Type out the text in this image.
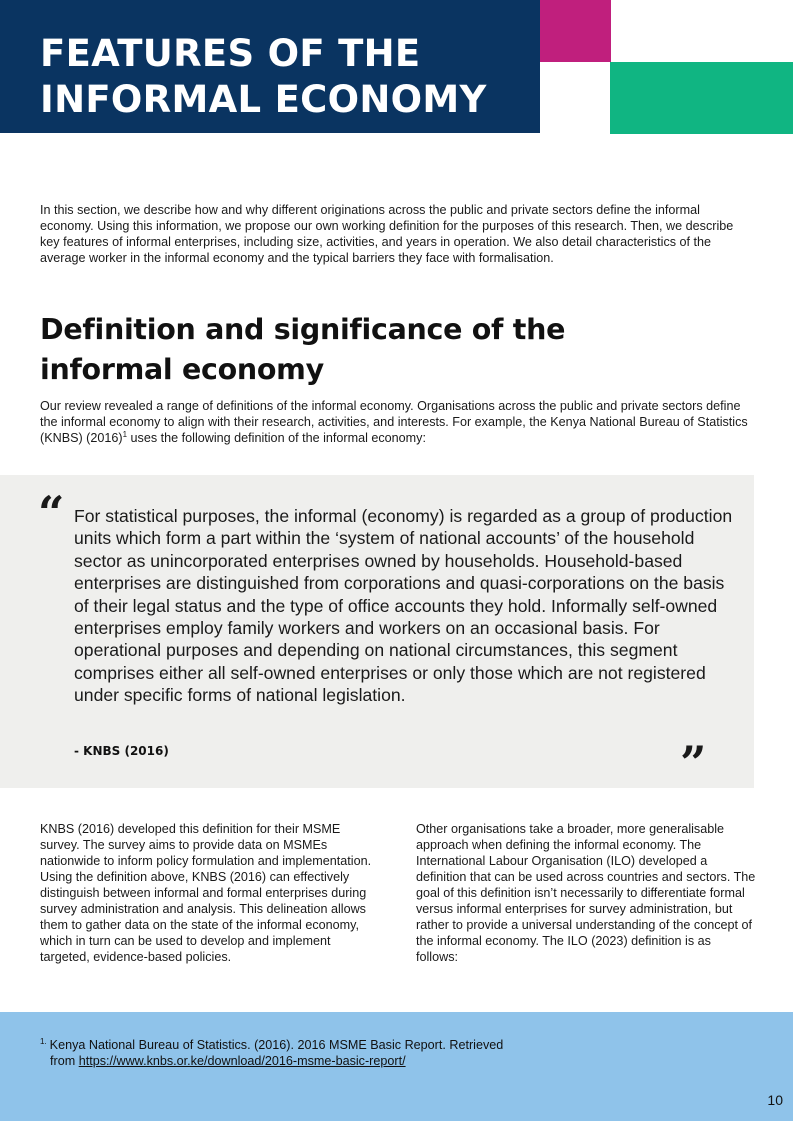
FEATURES OF THE
INFORMAL ECONOMY

In this section, we describe how and why different originations across the public and private sectors define the informal economy. Using this information, we propose our own working definition for the purposes of this research. Then, we describe key features of informal enterprises, including size, activities, and years in operation. We also detail characteristics of the average worker in the informal economy and the typical barriers they face with formalisation.

Definition and significance of the
informal economy

Our review revealed a range of definitions of the informal economy. Organisations across the public and private sectors define the informal economy to align with their research, activities, and interests. For example, the Kenya National Bureau of Statistics (KNBS) $(2016)^1$ uses the following definition of the informal economy:

“ For statistical purposes, the informal (economy) is regarded as a group of production units which form a part within the ‘system of national accounts’ of the household sector as unincorporated enterprises owned by households. Household-based enterprises are distinguished from corporations and quasi-corporations on the basis of their legal status and the type of office accounts they hold. Informally self-owned enterprises employ family workers and workers on an occasional basis. For operational purposes and depending on national circumstances, this segment comprises either all self-owned enterprises or only those which are not registered under specific forms of national legislation.

- KNBS (2016)	”

KNBS (2016) developed this definition for their MSME survey. The survey aims to provide data on MSMEs nationwide to inform policy formulation and implementation. Using the definition above, KNBS (2016) can effectively distinguish between informal and formal enterprises during survey administration and analysis. This delineation allows them to gather data on the state of the informal economy, which in turn can be used to develop and implement targeted, evidence-based policies.

Other organisations take a broader, more generalisable approach when defining the informal economy. The International Labour Organisation (ILO) developed a definition that can be used across countries and sectors. The goal of this definition isn’t necessarily to differentiate formal versus informal enterprises for survey administration, but rather to provide a universal understanding of the concept of the informal economy. The ILO (2023) definition is as follows:

$^{1.}$ Kenya National Bureau of Statistics. (2016). 2016 MSME Basic Report. Retrieved
from https://www.knbs.or.ke/download/2016-msme-basic-report/

10
